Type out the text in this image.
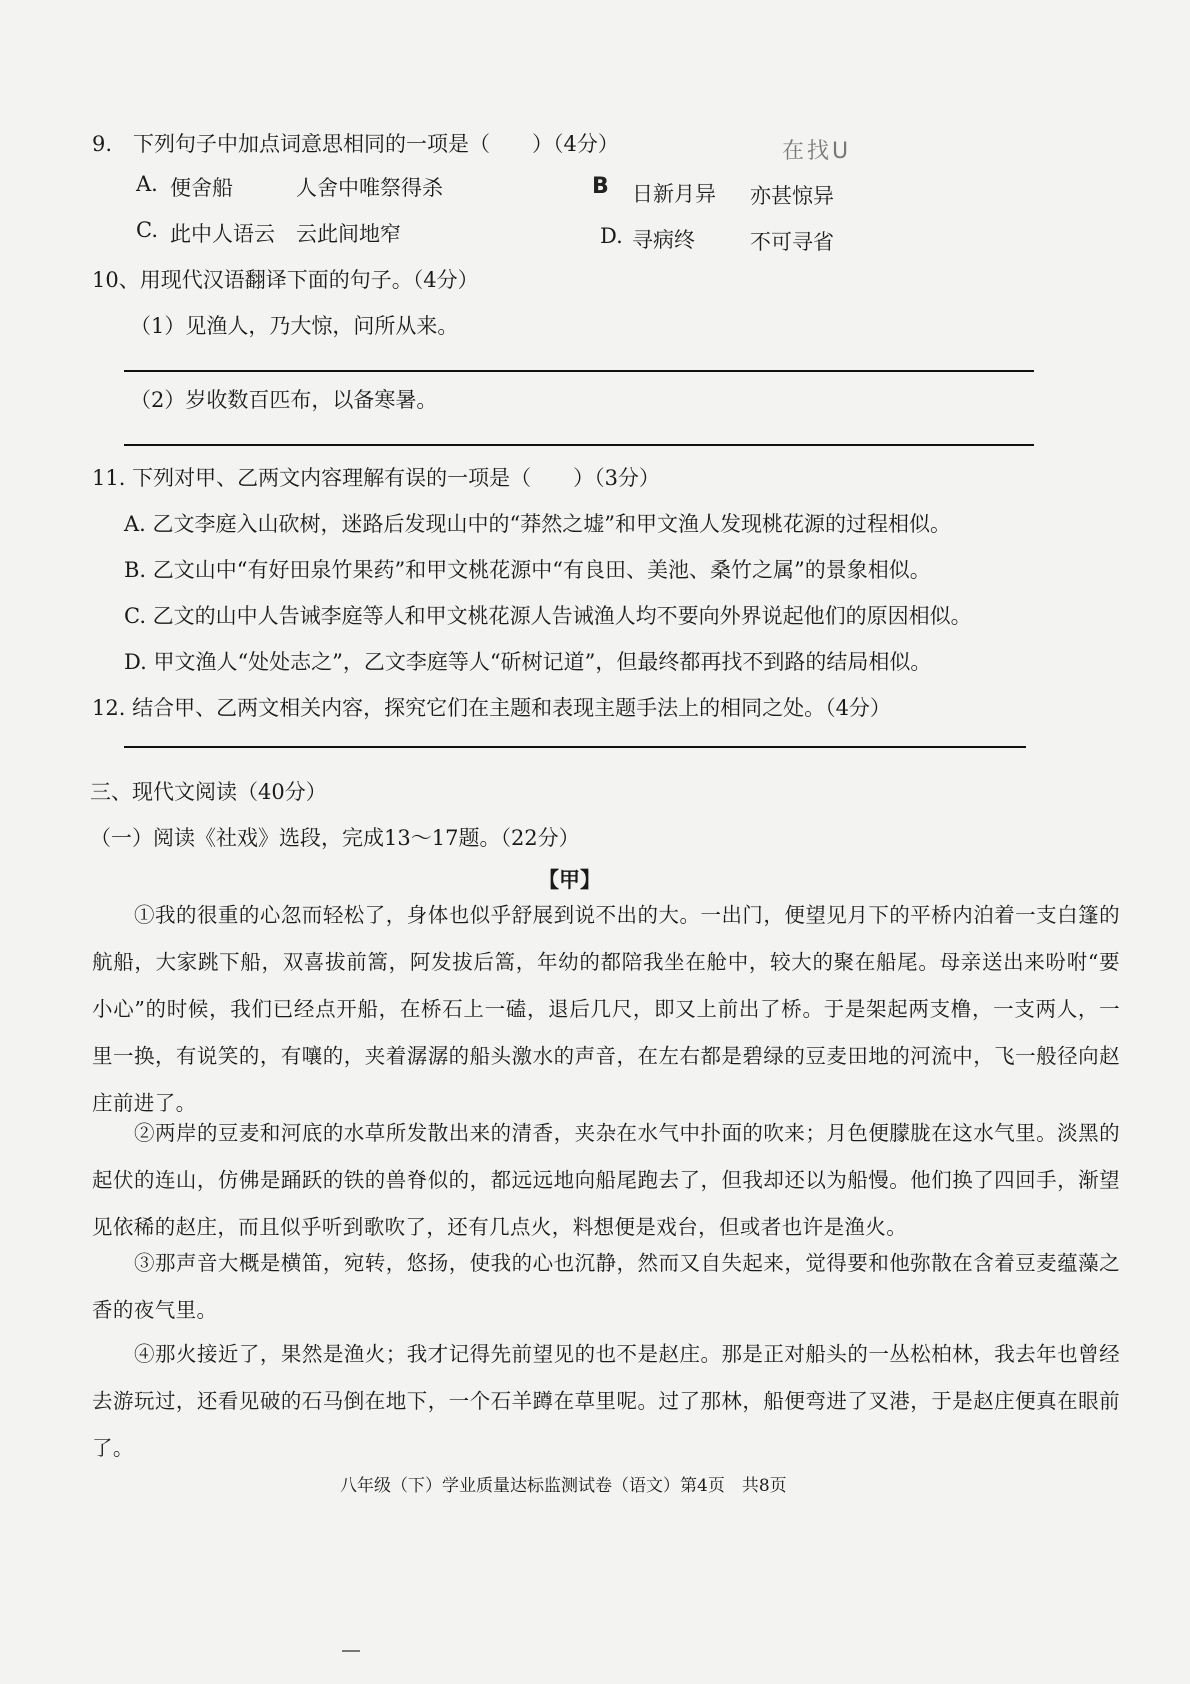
9.　下列句子中加点词意思相同的一项是（　　）（4分）	在找U
A. 便舍船	人舍中唯祭得杀	B 日新月异 亦甚惊异
C. 此中人语云 云此间地窄	D. 寻病终	不可寻省
10、用现代汉语翻译下面的句子。（4分）
（1）见渔人，乃大惊，问所从来。
（2）岁收数百匹布，以备寒暑。
11. 下列对甲、乙两文内容理解有误的一项是（　　）（3分）
A. 乙文李庭入山砍树，迷路后发现山中的“莽然之墟”和甲文渔人发现桃花源的过程相似。
B. 乙文山中“有好田泉竹果药”和甲文桃花源中“有良田、美池、桑竹之属”的景象相似。
C. 乙文的山中人告诫李庭等人和甲文桃花源人告诫渔人均不要向外界说起他们的原因相似。
D. 甲文渔人“处处志之”，乙文李庭等人“斫树记道”，但最终都再找不到路的结局相似。
12. 结合甲、乙两文相关内容，探究它们在主题和表现主题手法上的相同之处。（4分）
三、现代文阅读（40分）
（一）阅读《社戏》选段，完成13～17题。（22分）
【甲】

①我的很重的心忽而轻松了，身体也似乎舒展到说不出的大。一出门，便望见月下的平桥内泊着一支白篷的航船，大家跳下船，双喜拔前篙，阿发拔后篙，年幼的都陪我坐在舱中，较大的聚在船尾。母亲送出来吩咐“要小心”的时候，我们已经点开船，在桥石上一磕，退后几尺，即又上前出了桥。于是架起两支橹，一支两人，一里一换，有说笑的，有嚷的，夹着潺潺的船头激水的声音，在左右都是碧绿的豆麦田地的河流中，飞一般径向赵庄前进了。

②两岸的豆麦和河底的水草所发散出来的清香，夹杂在水气中扑面的吹来；月色便朦胧在这水气里。淡黑的起伏的连山，仿佛是踊跃的铁的兽脊似的，都远远地向船尾跑去了，但我却还以为船慢。他们换了四回手，渐望见依稀的赵庄，而且似乎听到歌吹了，还有几点火，料想便是戏台，但或者也许是渔火。

③那声音大概是横笛，宛转，悠扬，使我的心也沉静，然而又自失起来，觉得要和他弥散在含着豆麦蕴藻之香的夜气里。

④那火接近了，果然是渔火；我才记得先前望见的也不是赵庄。那是正对船头的一丛松柏林，我去年也曾经去游玩过，还看见破的石马倒在地下，一个石羊蹲在草里呢。过了那林，船便弯进了叉港，于是赵庄便真在眼前了。

八年级（下）学业质量达标监测试卷（语文）第4页　共8页
